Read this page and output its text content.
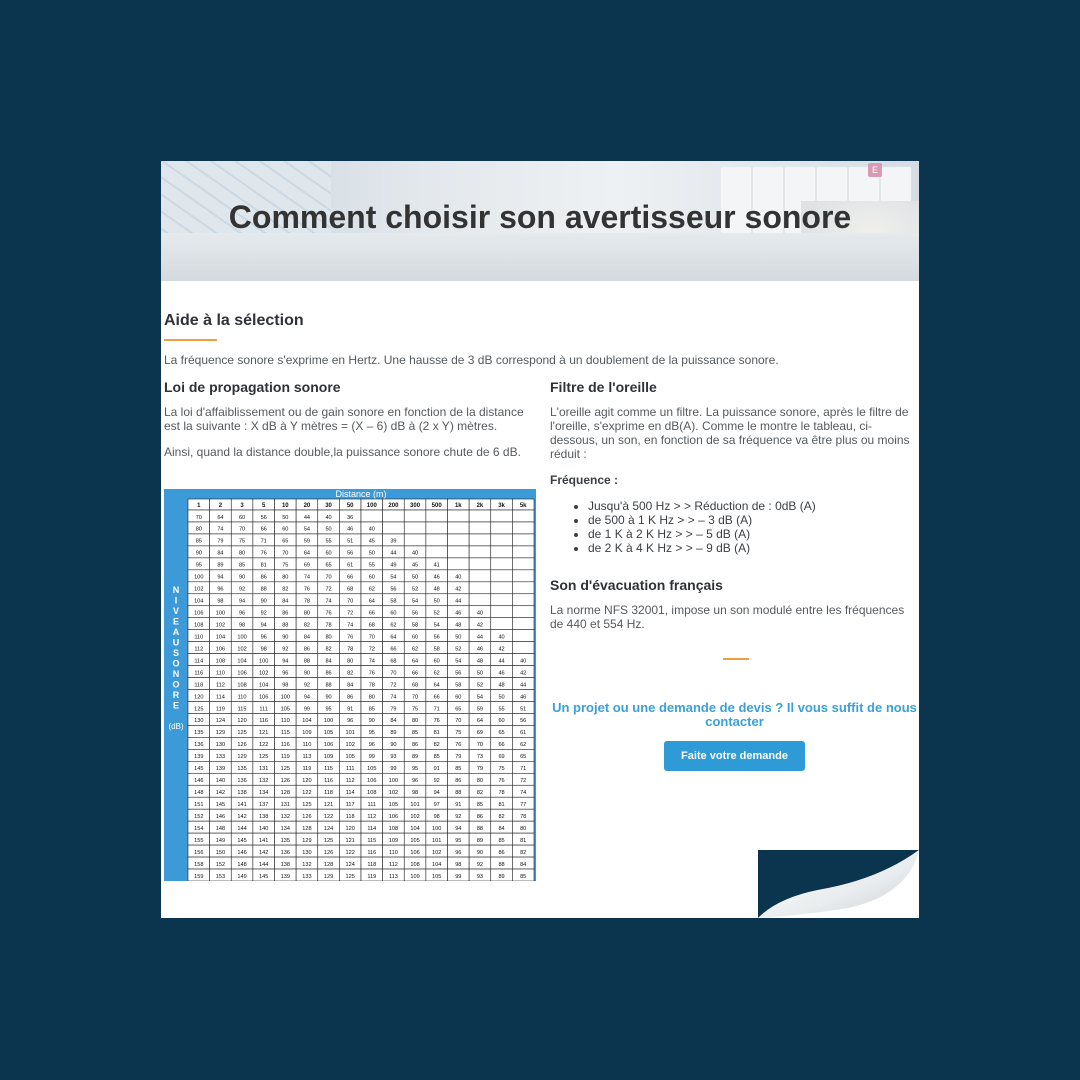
Comment choisir son avertisseur sonore
E
Aide à la sélection

La fréquence sonore s'exprime en Hertz. Une hausse de 3 dB correspond à un doublement de la puissance sonore.

Loi de propagation sonore

La loi d'affaiblissement ou de gain sonore en fonction de la distance est la suivante : X dB à Y mètres = (X – 6) dB à (2 x Y) mètres.

Ainsi, quand la distance double,la puissance sonore chute de 6 dB.

Distance (m)
N
I
V
E
A
U
S
O
N
O
R
E
(dB)
1	2	3	5	10 20 30 50 100 200 300 500 1k 2k 3k 5k
70	64	60	56	50	44	40	36
80	74	70	66	60	54	50	46	40
85	79	75	71	65	59	55	51	45	39
90	84	80	76	70	64	60	56	50	44	40
95	89	85	81	75	69	65	61	55	49	45	41
100 94	90	86	80	74	70	66	60	54	50	46	40
102 96	92	88	82	76	72	68	62	56	52	48	42
104 98	94	90	84	78	74	70	64	58	54	50	44
106 100 96	92	86	80	76	72	66	60	56	52	46	40
108 102 98	94	88	82	78	74	68	62	58	54	48	42
110 104 100 96	90	84	80	76	70	64	60	56	50	44	40
112 106 102 98	92	86	82	78	72	66	62	58	52	46	42
114 108 104 100 94	88	84	80	74	68	64	60	54	48	44	40
116 110 106 102 96	90	86	82	76	70	66	62	56	50	46	42
118 112 108 104 98	92	88	84	78	72	68	64	58	52	48	44
120 114 110 106 100 94	90	86	80	74	70	66	60	54	50	46
125 119 115 111 105 99	95	91	85	79	75	71	65	59	55	51
130 124 120 116 110 104 100 96	90	84	80	76	70	64	60	56
135 129 125 121 115 109 105 101 95	89	85	81	75	69	65	61
136 130 126 122 116 110 106 102 96	90	86	82	76	70	66	62
139 133 129 125 119 113 109 105 99	93	89	85	79	73	69	65
145 139 135 131 125 119 115 111 105 99	95	91	85	79	75	71
146 140 136 132 126 120 116 112 106 100 96	92	86	80	76	72
148 142 138 134 128 122 118 114 108 102 98	94	88	82	78	74
151 145 141 137 131 125 121 117 111 105 101 97	91	85	81	77
152 146 142 138 132 126 122 118 112 106 102 98	92	86	82	78
154 148 144 140 134 128 124 120 114 108 104 100 94	88	84	80
155 149 145 141 135 129 125 121 115 109 105 101 95	89	85	81
156 150 146 142 136 130 126 122 116 110 106 102 96	90	86	82
158 152 148 144 138 132 128 124 118 112 108 104 98	92	88	84
159 153 149 145 139 133 129 125 119 113 109 105 99	93	89	85
Filtre de l'oreille

L'oreille agit comme un filtre. La puissance sonore, après le filtre de l'oreille, s'exprime en dB(A). Comme le montre le tableau, ci-dessous, un son, en fonction de sa fréquence va être plus ou moins réduit :

Fréquence :
• Jusqu'à 500 Hz > > Réduction de : 0dB (A)
• de 500 à 1 K Hz > > – 3 dB (A)
• de 1 K à 2 K Hz > > – 5 dB (A)
• de 2 K à 4 K Hz > > – 9 dB (A)
Son d'évacuation français

La norme NFS 32001, impose un son modulé entre les fréquences de 440 et 554 Hz.

Un projet ou une demande de devis ? Il vous suffit de nous contacter
Faite votre demande
